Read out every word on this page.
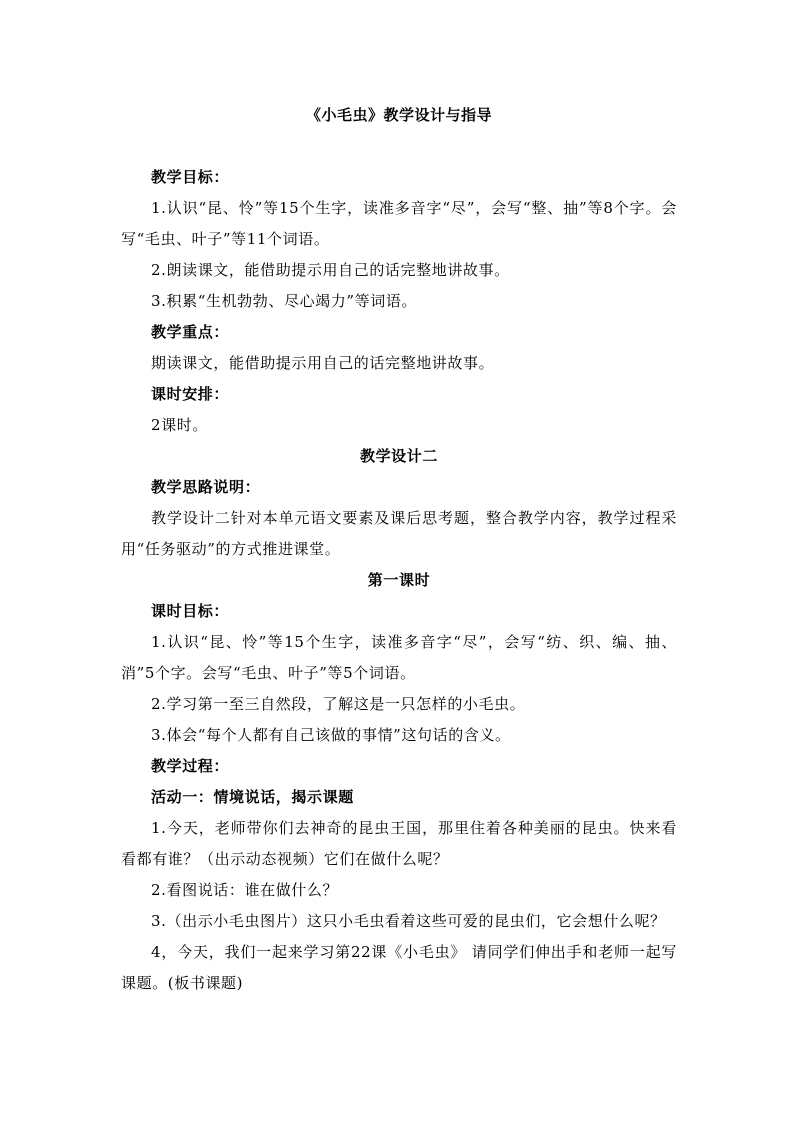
《小毛虫》教学设计与指导

教学目标：

1.认识“昆、怜”等15个生字，读准多音字“尽”，会写“整、抽”等8个字。会写“毛虫、叶子”等11个词语。

2.朗读课文，能借助提示用自己的话完整地讲故事。

3.积累“生机勃勃、尽心竭力”等词语。

教学重点：

期读课文，能借助提示用自己的话完整地讲故事。

课时安排：

2课时。

教学设计二

教学思路说明：

教学设计二针对本单元语文要素及课后思考题，整合教学内容，教学过程采用“任务驱动”的方式推进课堂。

第一课时

课时目标：

1.认识“昆、怜”等15个生字，读准多音字“尽”，会写“纺、织、编、抽、消”5个字。会写“毛虫、叶子”等5个词语。

2.学习第一至三自然段，了解这是一只怎样的小毛虫。

3.体会“每个人都有自己该做的事情”这句话的含义。

教学过程：

活动一：情境说话，揭示课题

1.今天，老师带你们去神奇的昆虫王国，那里住着各种美丽的昆虫。快来看看都有谁？（出示动态视频）它们在做什么呢？

2.看图说话：谁在做什么？

3.（出示小毛虫图片）这只小毛虫看着这些可爱的昆虫们，它会想什么呢？

4，今天，我们一起来学习第22课《小毛虫》 请同学们伸出手和老师一起写课题。(板书课题)
